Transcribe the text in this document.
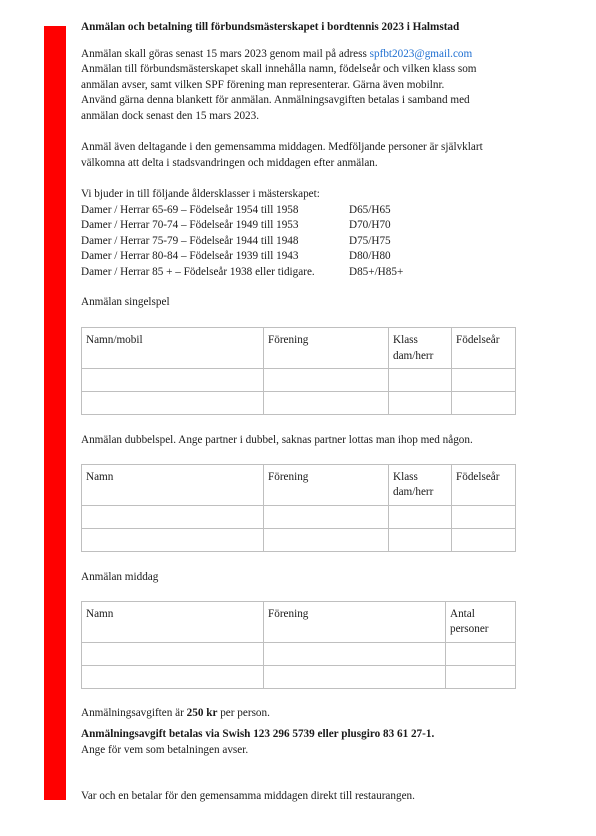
Anmälan och betalning till förbundsmästerskapet i bordtennis 2023 i Halmstad

Anmälan skall göras senast 15 mars 2023 genom mail på adress spfbt2023@gmail.com

Anmälan till förbundsmästerskapet skall innehålla namn, födelseår och vilken klass som

anmälan avser, samt vilken SPF förening man representerar. Gärna även mobilnr.

Använd gärna denna blankett för anmälan. Anmälningsavgiften betalas i samband med

anmälan dock senast den 15 mars 2023.

Anmäl även deltagande i den gemensamma middagen. Medföljande personer är självklart

välkomna att delta i stadsvandringen och middagen efter anmälan.

Vi bjuder in till följande åldersklasser i mästerskapet:

Damer / Herrar 65-69 – Födelseår 1954 till 1958	D65/H65
Damer / Herrar 70-74 – Födelseår 1949 till 1953	D70/H70
Damer / Herrar 75-79 – Födelseår 1944 till 1948	D75/H75
Damer / Herrar 80-84 – Födelseår 1939 till 1943	D80/H80
Damer / Herrar 85 + – Födelseår 1938 eller tidigare.	D85+/H85+

Anmälan singelspel

Namn/mobil	Förening	Klass dam/herr	Födelseår

Anmälan dubbelspel. Ange partner i dubbel, saknas partner lottas man ihop med någon.

Namn	Förening	Klass dam/herr	Födelseår

Anmälan middag

Namn	Förening	Antal personer

Anmälningsavgiften är 250 kr per person.

Anmälningsavgift betalas via Swish 123 296 5739 eller plusgiro 83 61 27-1.

Ange för vem som betalningen avser.

Var och en betalar för den gemensamma middagen direkt till restaurangen.
